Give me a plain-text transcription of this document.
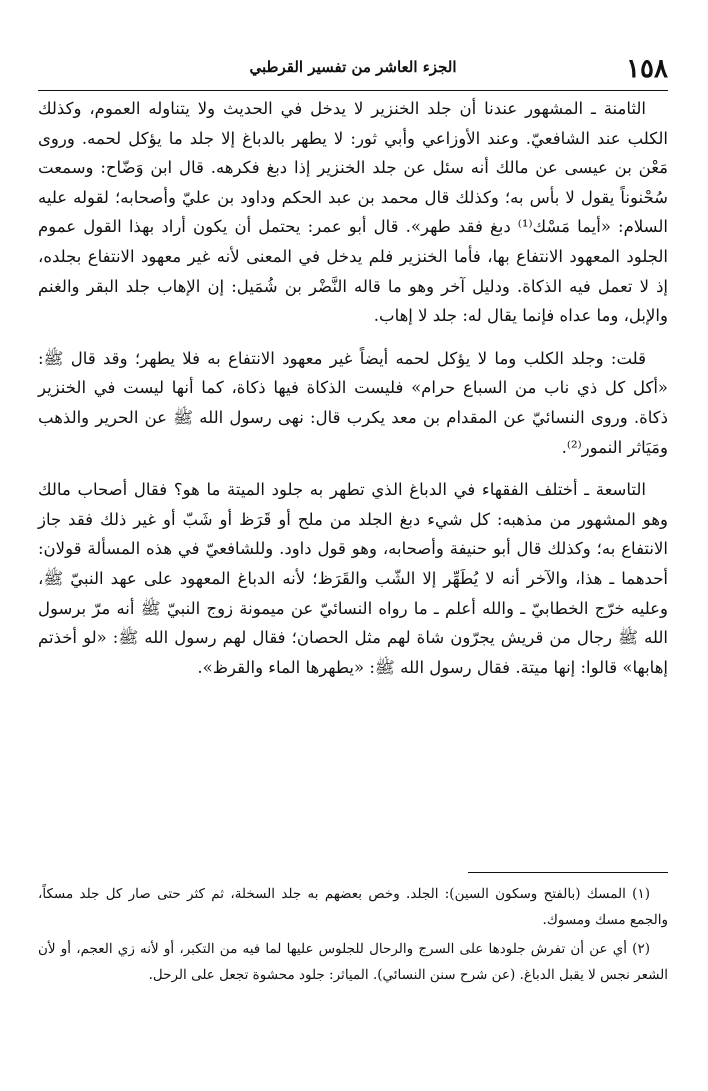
١٥٨
الجزء العاشر من تفسير القرطبي

الثامنة ـ المشهور عندنا أن جلد الخنزير لا يدخل في الحديث ولا يتناوله العموم، وكذلك الكلب عند الشافعيّ. وعند الأوزاعي وأبي ثور: لا يطهر بالدباغ إلا جلد ما يؤكل لحمه. وروى مَعْن بن عيسى عن مالك أنه سئل عن جلد الخنزير إذا دبغ فكرهه. قال ابن وَضّاح: وسمعت سُحْنوناً يقول لا بأس به؛ وكذلك قال محمد بن عبد الحكم وداود بن عليّ وأصحابه؛ لقوله عليه السلام: «أيما مَسْك⁽¹⁾ دبغ فقد طهر». قال أبو عمر: يحتمل أن يكون أراد بهذا القول عموم الجلود المعهود الانتفاع بها، فأما الخنزير فلم يدخل في المعنى لأنه غير معهود الانتفاع بجلده، إذ لا تعمل فيه الذكاة. ودليل آخر وهو ما قاله النَّضْر بن شُمَيل: إن الإهاب جلد البقر والغنم والإبل، وما عداه فإنما يقال له: جلد لا إهاب.

قلت: وجلد الكلب وما لا يؤكل لحمه أيضاً غير معهود الانتفاع به فلا يطهر؛ وقد قال ﷺ: «أكل كل ذي ناب من السباع حرام» فليست الذكاة فيها ذكاة، كما أنها ليست في الخنزير ذكاة. وروى النسائيّ عن المقدام بن معد يكرب قال: نهى رسول الله ﷺ عن الحرير والذهب ومَيَاثر النمور⁽²⁾.

التاسعة ـ أختلف الفقهاء في الدباغ الذي تطهر به جلود الميتة ما هو؟ فقال أصحاب مالك وهو المشهور من مذهبه: كل شيء دبغ الجلد من ملح أو قَرَظ أو شَبّ أو غير ذلك فقد جاز الانتفاع به؛ وكذلك قال أبو حنيفة وأصحابه، وهو قول داود. وللشافعيّ في هذه المسألة قولان: أحدهما ـ هذا، والآخر أنه لا يُطَهِّر إلا الشّب والقَرَظ؛ لأنه الدباغ المعهود على عهد النبيّ ﷺ، وعليه خرّج الخطابيّ ـ والله أعلم ـ ما رواه النسائيّ عن ميمونة زوج النبيّ ﷺ أنه مرّ برسول الله ﷺ رجال من قريش يجرّون شاة لهم مثل الحصان؛ فقال لهم رسول الله ﷺ: «لو أخذتم إهابها» قالوا: إنها ميتة. فقال رسول الله ﷺ: «يطهرها الماء والقرظ».

(١) المسك (بالفتح وسكون السين): الجلد. وخص بعضهم به جلد السخلة، ثم كثر حتى صار كل جلد مسكاً، والجمع مسك ومسوك.

(٢) أي عن أن تفرش جلودها على السرج والرحال للجلوس عليها لما فيه من التكبر، أو لأنه زي العجم، أو لأن الشعر نجس لا يقبل الدباغ. (عن شرح سنن النسائي). المياثر: جلود محشوة تجعل على الرحل.
